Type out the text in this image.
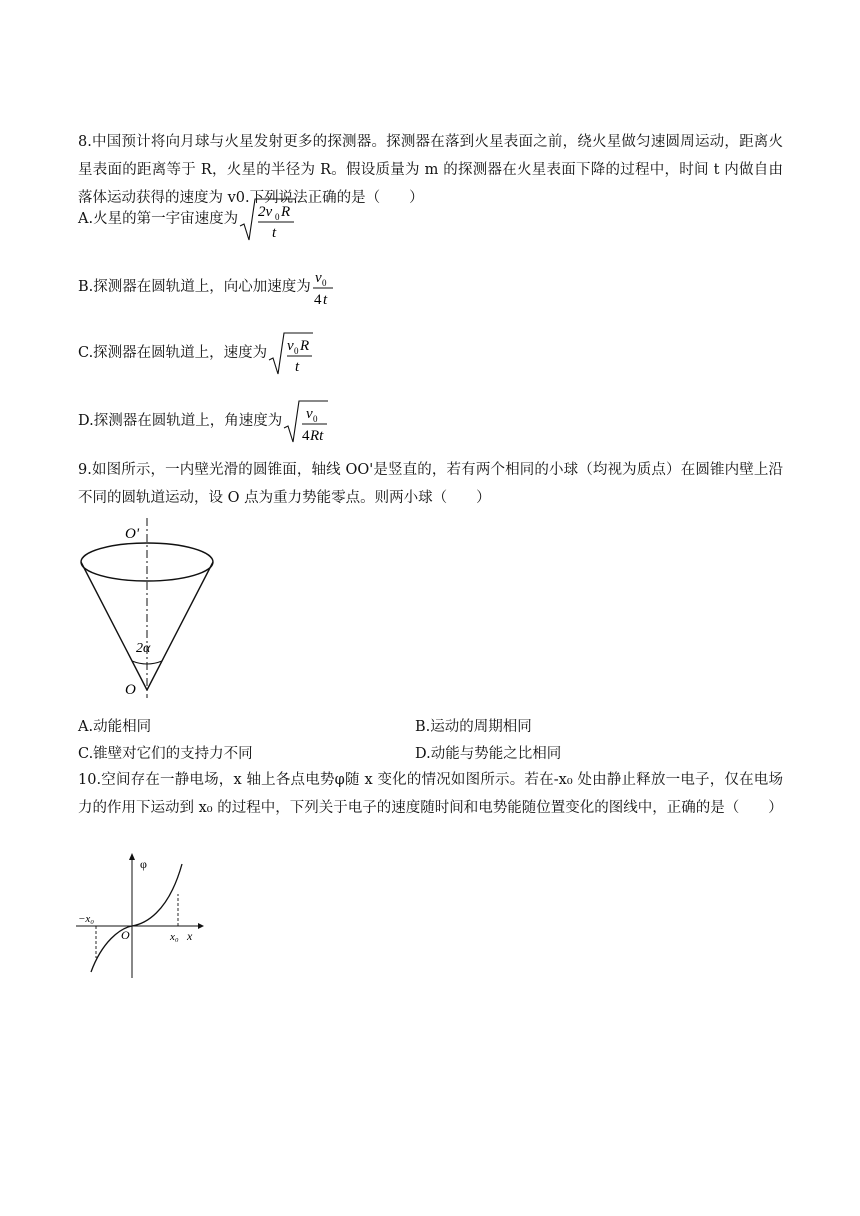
8.中国预计将向月球与火星发射更多的探测器。探测器在落到火星表面之前，绕火星做匀速圆周运动，距离火星表面的距离等于 R，火星的半径为 R。假设质量为 m 的探测器在火星表面下降的过程中，时间 t 内做自由落体运动获得的速度为 v0.下列说法正确的是（　　）
A.火星的第一宇宙速度为 2v 0 R
t
B.探测器在圆轨道上，向心加速度为
v 0
4 t
C.探测器在圆轨道上，速度为 v 0 R
t
D.探测器在圆轨道上，角速度为 v 0
4 Rt
9.如图所示，一内壁光滑的圆锥面，轴线 OO'是竖直的，若有两个相同的小球（均视为质点）在圆锥内壁上沿不同的圆轨道运动，设 O 点为重力势能零点。则两小球（　　）
O'
2α
O
A.动能相同	B.运动的周期相同
C.锥壁对它们的支持力不同	D.动能与势能之比相同
10.空间存在一静电场，x 轴上各点电势φ随 x 变化的情况如图所示。若在-x₀ 处由静止释放一电子，仅在电场力的作用下运动到 x₀ 的过程中，下列关于电子的速度随时间和电势能随位置变化的图线中，正确的是（　　）
φ
x
O
−x₀
x₀
